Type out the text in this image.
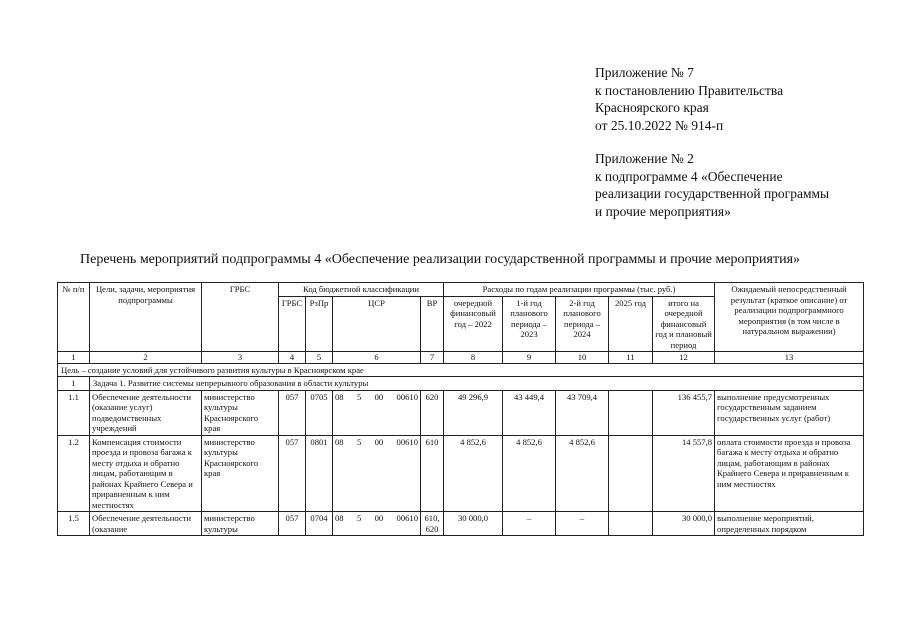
Приложение № 7
к постановлению Правительства
Красноярского края
от 25.10.2022 № 914-п
Приложение № 2
к подпрограмме 4 «Обеспечение
реализации государственной программы
и прочие мероприятия»
Перечень мероприятий подпрограммы 4 «Обеспечение реализации государственной программы и прочие мероприятия»
№ п/п	Цели, задачи, мероприятия подпрограммы	ГРБС	Код бюджетной классификации				Расходы по годам реализации программы (тыс. руб.)					Ожидаемый непосредственный результат (краткое описание) от реализации подпрограммного мероприятия (в том числе в натуральном выражении)
			ГРБС	РзПр	ЦСР	ВР	очередной финансовый год – 2022	1-й год планового периода – 2023	2-й год планового периода – 2024	2025 год	итого на очередной финансовый год и плановый период	
1	2	3	4	5	6	7	8	9	10	11	12	13
Цель – создание условий для устойчивого развития культуры в Красноярском крае												
1	Задача 1. Развитие системы непрерывного образования в области культуры											
1.1	Обеспечение деятельности (оказание услуг) подведомственных учреждений	министерство культуры Красноярского края	057	0705	08 5 00 00610	620	49 296,9	43 449,4	43 709,4		136 455,7	выполнение предусмотренных государственным заданием государственных услуг (работ)
1.2	Компенсация стоимости проезда и провоза багажа к месту отдыха и обратно лицам, работающим в районах Крайнего Севера и приравненным к ним местностях	министерство культуры Красноярского края	057	0801	08 5 00 00610	610	4 852,6	4 852,6	4 852,6		14 557,8	оплата стоимости проезда и провоза багажа к месту отдыха и обратно лицам, работающим в районах Крайнего Севера и приравненным к ним местностях
1.5	Обеспечение деятельности (оказание	министерство культуры	057	0704	08 5 00 00610	610, 620	30 000,0	–	–		30 000,0	выполнение мероприятий, определенных порядком
